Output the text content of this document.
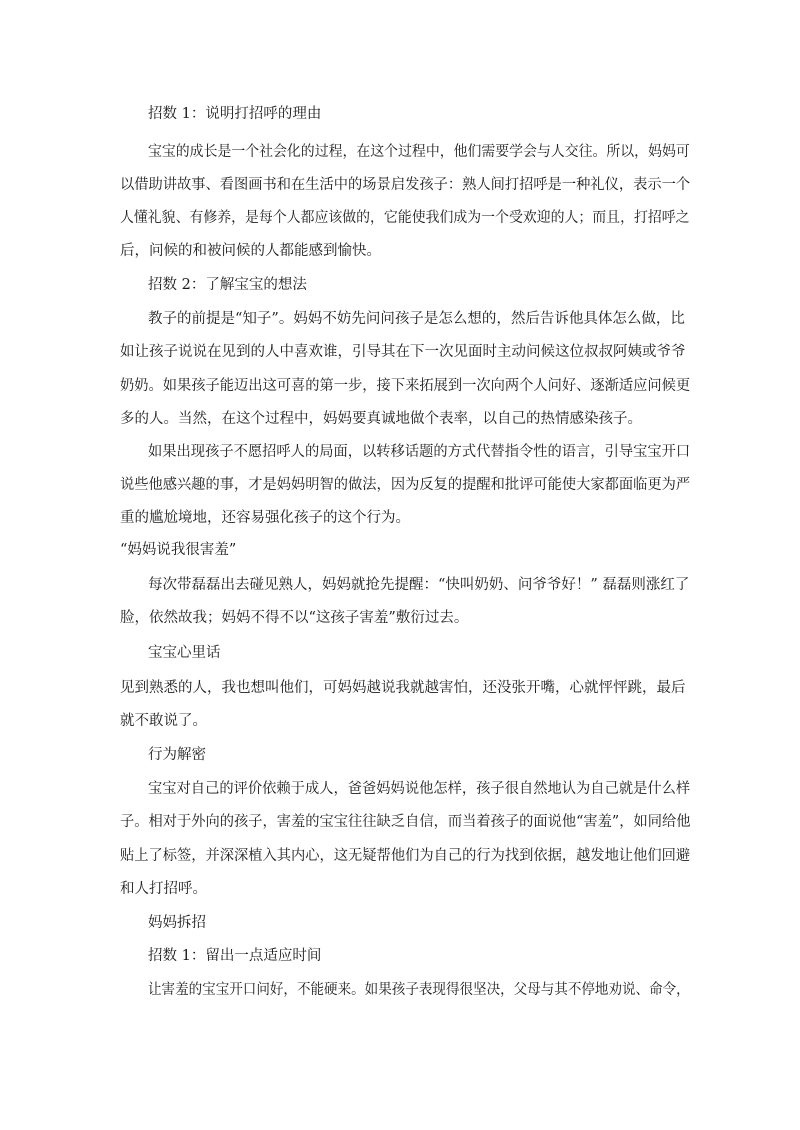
招数 1：说明打招呼的理由

宝宝的成长是一个社会化的过程，在这个过程中，他们需要学会与人交往。所以，妈妈可

以借助讲故事、看图画书和在生活中的场景启发孩子：熟人间打招呼是一种礼仪，表示一个

人懂礼貌、有修养，是每个人都应该做的，它能使我们成为一个受欢迎的人；而且，打招呼之

后，问候的和被问候的人都能感到愉快。

招数 2：了解宝宝的想法

教子的前提是“知子”。妈妈不妨先问问孩子是怎么想的，然后告诉他具体怎么做，比

如让孩子说说在见到的人中喜欢谁，引导其在下一次见面时主动问候这位叔叔阿姨或爷爷

奶奶。如果孩子能迈出这可喜的第一步，接下来拓展到一次向两个人问好、逐渐适应问候更

多的人。当然，在这个过程中，妈妈要真诚地做个表率，以自己的热情感染孩子。

如果出现孩子不愿招呼人的局面，以转移话题的方式代替指令性的语言，引导宝宝开口

说些他感兴趣的事，才是妈妈明智的做法，因为反复的提醒和批评可能使大家都面临更为严

重的尴尬境地，还容易强化孩子的这个行为。

“妈妈说我很害羞”

每次带磊磊出去碰见熟人，妈妈就抢先提醒：“快叫奶奶、问爷爷好！” 磊磊则涨红了

脸，依然故我；妈妈不得不以“这孩子害羞”敷衍过去。

宝宝心里话

见到熟悉的人，我也想叫他们，可妈妈越说我就越害怕，还没张开嘴，心就怦怦跳，最后

就不敢说了。

行为解密

宝宝对自己的评价依赖于成人，爸爸妈妈说他怎样，孩子很自然地认为自己就是什么样

子。相对于外向的孩子，害羞的宝宝往往缺乏自信，而当着孩子的面说他“害羞”，如同给他

贴上了标签，并深深植入其内心，这无疑帮他们为自己的行为找到依据，越发地让他们回避

和人打招呼。

妈妈拆招

招数 1：留出一点适应时间

让害羞的宝宝开口问好，不能硬来。如果孩子表现得很坚决，父母与其不停地劝说、命令，
